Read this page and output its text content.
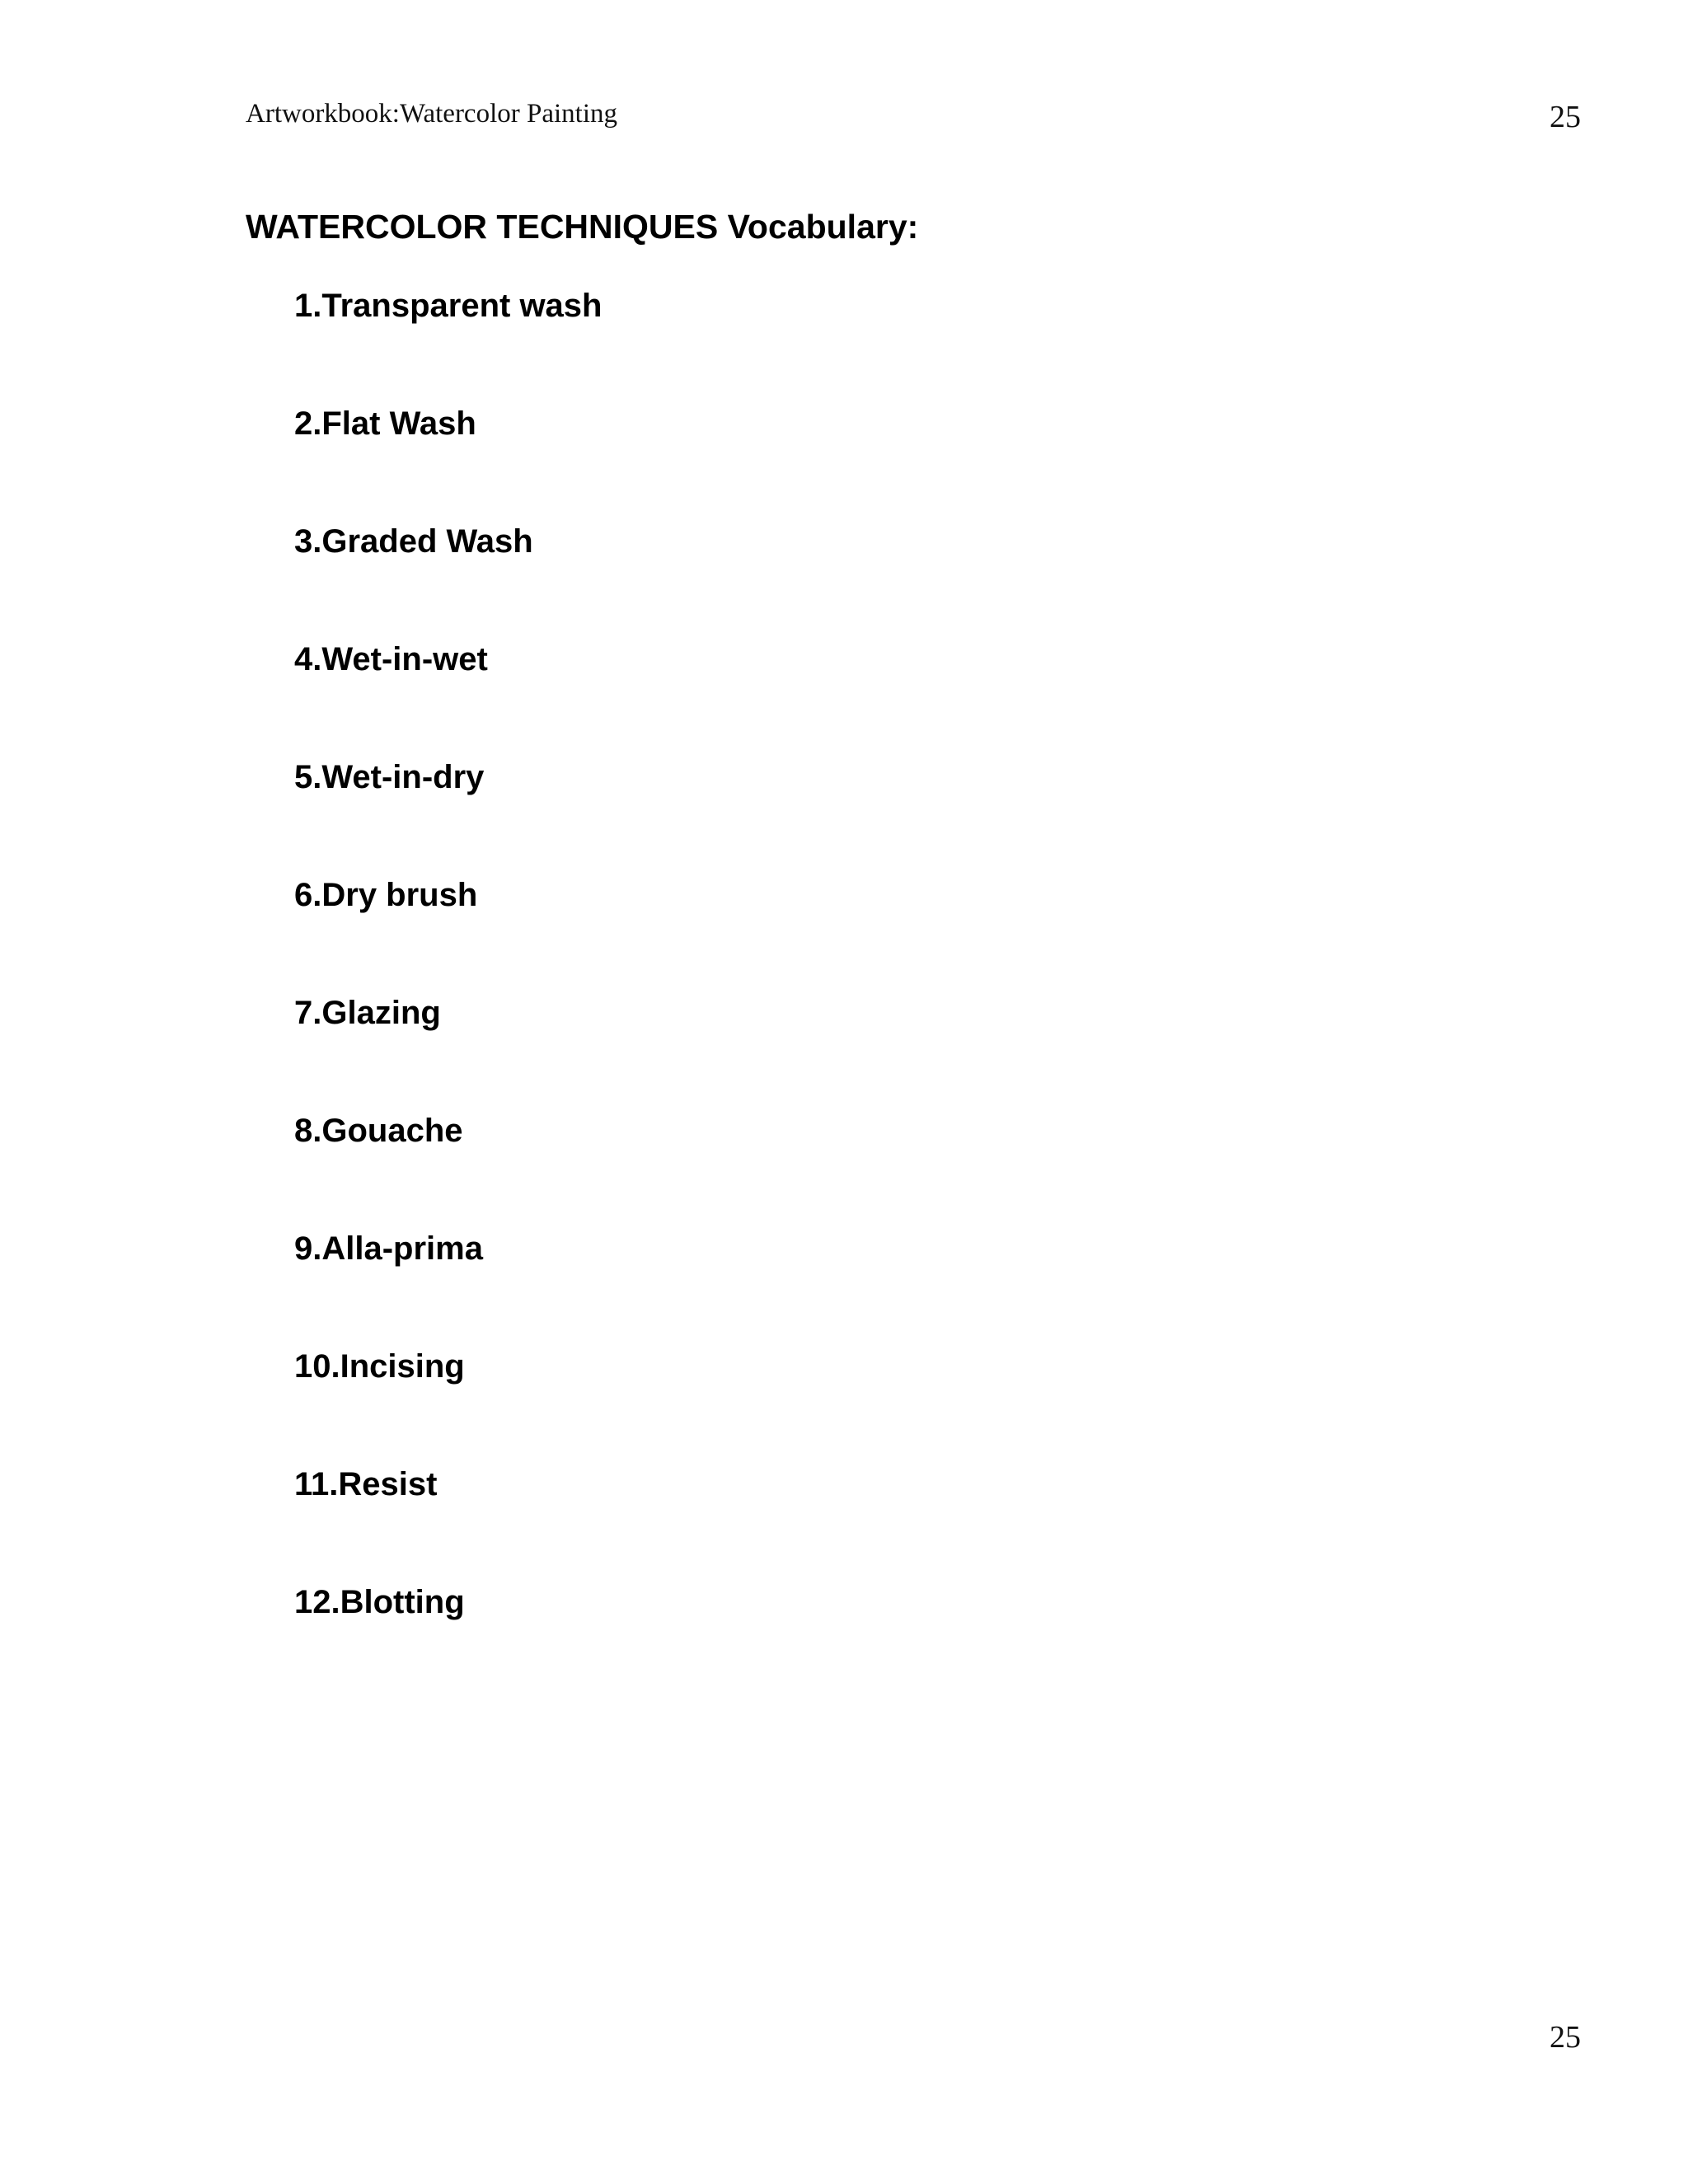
Artworkbook:Watercolor Painting	25
WATERCOLOR TECHNIQUES Vocabulary:
1.Transparent wash
2.Flat Wash
3.Graded Wash
4.Wet-in-wet
5.Wet-in-dry
6.Dry brush
7.Glazing
8.Gouache
9.Alla-prima
10.Incising
11.Resist
12.Blotting
25
